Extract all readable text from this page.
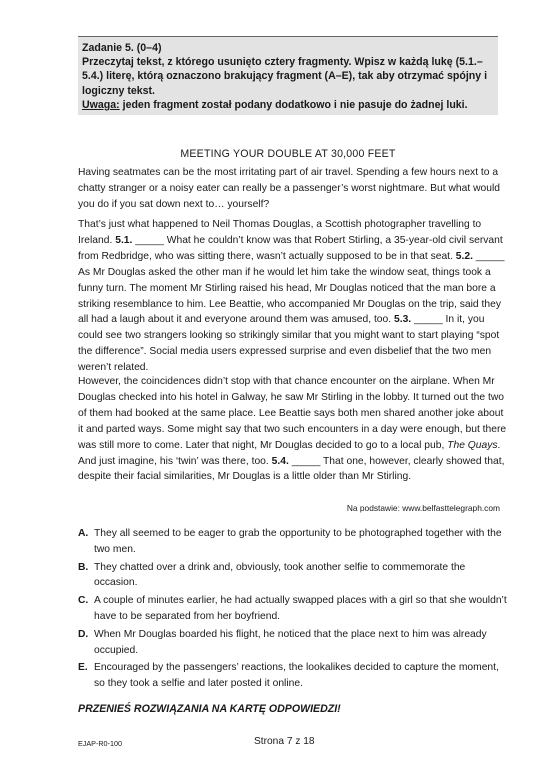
Zadanie 5. (0–4)

Przeczytaj tekst, z którego usunięto cztery fragmenty. Wpisz w każdą lukę (5.1.–5.4.) literę, którą oznaczono brakujący fragment (A–E), tak aby otrzymać spójny i logiczny tekst.

Uwaga: jeden fragment został podany dodatkowo i nie pasuje do żadnej luki.

MEETING YOUR DOUBLE AT 30,000 FEET

Having seatmates can be the most irritating part of air travel. Spending a few hours next to a chatty stranger or a noisy eater can really be a passenger’s worst nightmare. But what would you do if you sat down next to… yourself?

That’s just what happened to Neil Thomas Douglas, a Scottish photographer travelling to Ireland. 5.1. _____ What he couldn’t know was that Robert Stirling, a 35-year-old civil servant from Redbridge, who was sitting there, wasn’t actually supposed to be in that seat. 5.2. _____ As Mr Douglas asked the other man if he would let him take the window seat, things took a funny turn. The moment Mr Stirling raised his head, Mr Douglas noticed that the man bore a striking resemblance to him. Lee Beattie, who accompanied Mr Douglas on the trip, said they all had a laugh about it and everyone around them was amused, too. 5.3. _____ In it, you could see two strangers looking so strikingly similar that you might want to start playing “spot the difference”. Social media users expressed surprise and even disbelief that the two men weren’t related.

However, the coincidences didn’t stop with that chance encounter on the airplane. When Mr Douglas checked into his hotel in Galway, he saw Mr Stirling in the lobby. It turned out the two of them had booked at the same place. Lee Beattie says both men shared another joke about it and parted ways. Some might say that two such encounters in a day were enough, but there was still more to come. Later that night, Mr Douglas decided to go to a local pub, The Quays. And just imagine, his ‘twin’ was there, too. 5.4. _____ That one, however, clearly showed that, despite their facial similarities, Mr Douglas is a little older than Mr Stirling.

Na podstawie: www.belfasttelegraph.com
A. They all seemed to be eager to grab the opportunity to be photographed together with the two men.
B. They chatted over a drink and, obviously, took another selfie to commemorate the occasion.
C. A couple of minutes earlier, he had actually swapped places with a girl so that she wouldn’t have to be separated from her boyfriend.
D. When Mr Douglas boarded his flight, he noticed that the place next to him was already occupied.
E. Encouraged by the passengers’ reactions, the lookalikes decided to capture the moment, so they took a selfie and later posted it online.
PRZENIEŚ ROZWIĄZANIA NA KARTĘ ODPOWIEDZI!
EJAP-R0-100	Strona 7 z 18
